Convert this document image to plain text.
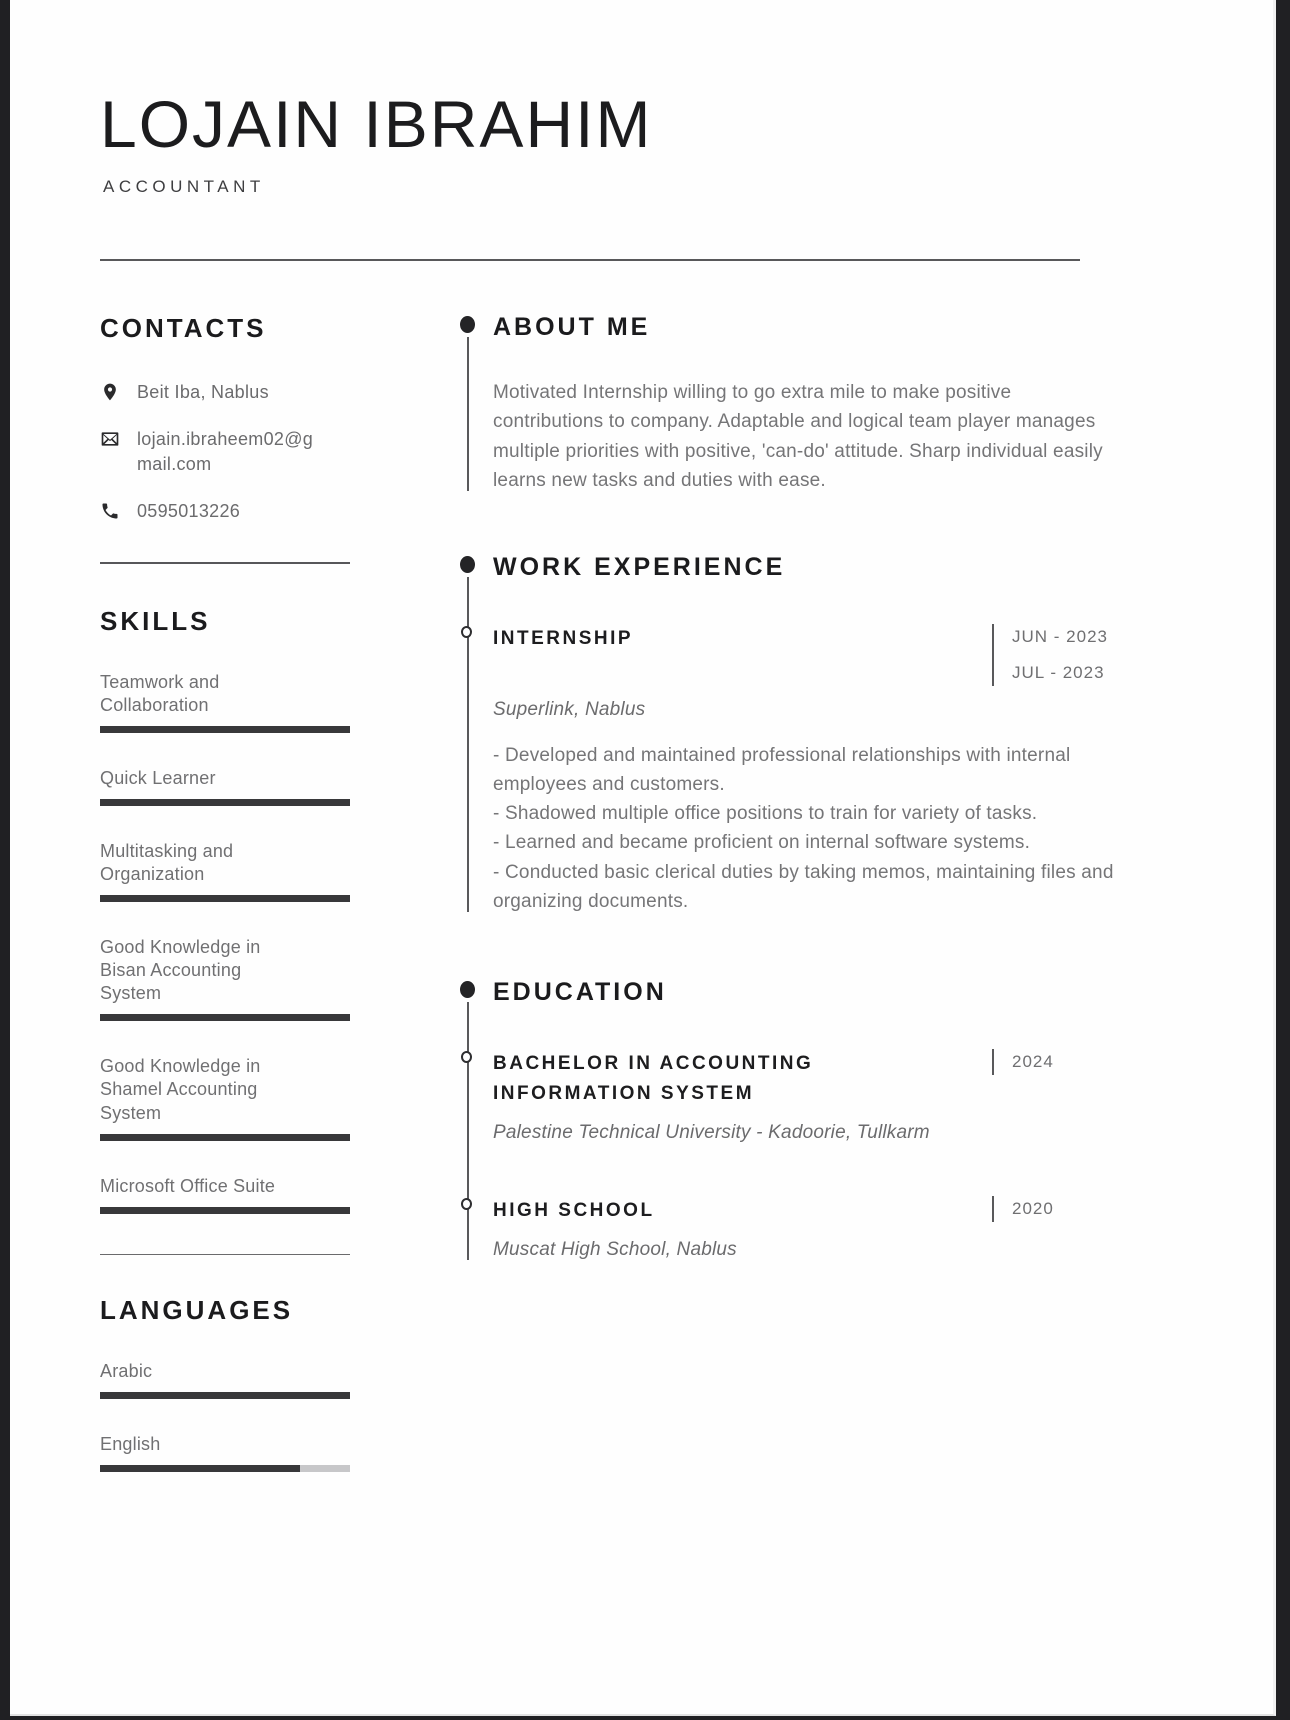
LOJAIN IBRAHIM
ACCOUNTANT
CONTACTS
Beit Iba, Nablus
lojain.ibraheem02@gmail.com
0595013226
SKILLS
Teamwork and Collaboration
Quick Learner
Multitasking and Organization
Good Knowledge in Bisan Accounting System
Good Knowledge in Shamel Accounting System
Microsoft Office Suite
LANGUAGES
Arabic
English
ABOUT ME
Motivated Internship willing to go extra mile to make positive contributions to company. Adaptable and logical team player manages multiple priorities with positive, 'can-do' attitude. Sharp individual easily learns new tasks and duties with ease.
WORK EXPERIENCE
INTERNSHIP	JUN - 2023
JUL - 2023
Superlink, Nablus
- Developed and maintained professional relationships with internal employees and customers.
- Shadowed multiple office positions to train for variety of tasks.
- Learned and became proficient on internal software systems.
- Conducted basic clerical duties by taking memos, maintaining files and organizing documents.
EDUCATION
BACHELOR IN ACCOUNTING INFORMATION SYSTEM
2024
Palestine Technical University - Kadoorie, Tullkarm
HIGH SCHOOL	2020
Muscat High School, Nablus
